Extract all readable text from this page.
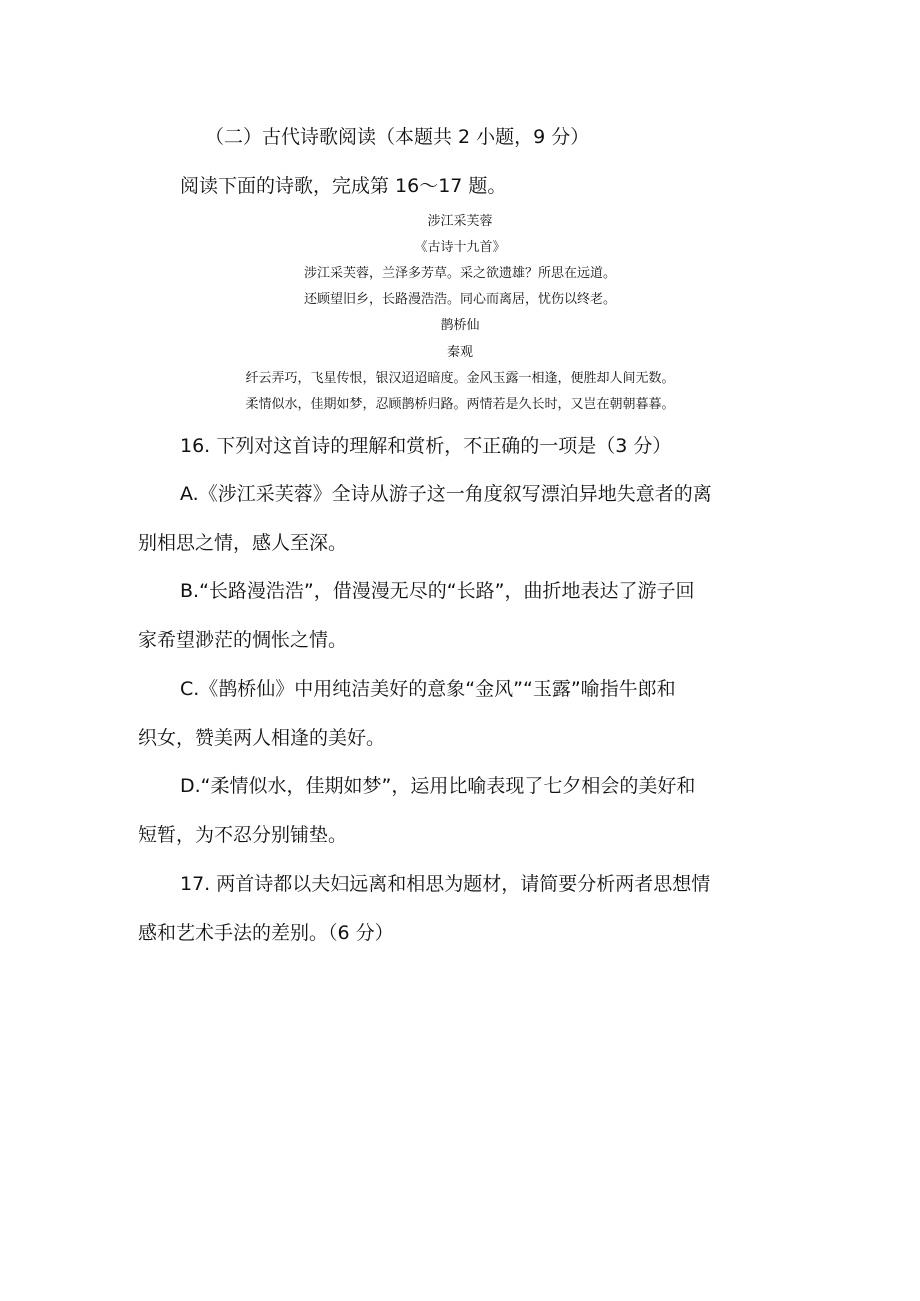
（二）古代诗歌阅读（本题共 2 小题，9 分）
阅读下面的诗歌，完成第 16～17 题。
涉江采芙蓉
《古诗十九首》
涉江采芙蓉，兰泽多芳草。采之欲遗雄？所思在远道。
还顾望旧乡，长路漫浩浩。同心而离居，忧伤以终老。
鹊桥仙
秦观
纤云弄巧，飞星传恨，银汉迢迢暗度。金风玉露一相逢，便胜却人间无数。
柔情似水，佳期如梦，忍顾鹊桥归路。两情若是久长时，又岂在朝朝暮暮。
16. 下列对这首诗的理解和赏析，不正确的一项是（3 分）
A.《涉江采芙蓉》全诗从游子这一角度叙写漂泊异地失意者的离
别相思之情，感人至深。
B.“长路漫浩浩”，借漫漫无尽的“长路”，曲折地表达了游子回
家希望渺茫的惆怅之情。
C.《鹊桥仙》中用纯洁美好的意象“金风”“玉露”喻指牛郎和
织女，赞美两人相逢的美好。
D.“柔情似水，佳期如梦”，运用比喻表现了七夕相会的美好和
短暂，为不忍分别铺垫。
17. 两首诗都以夫妇远离和相思为题材，请简要分析两者思想情
感和艺术手法的差别。（6 分）
